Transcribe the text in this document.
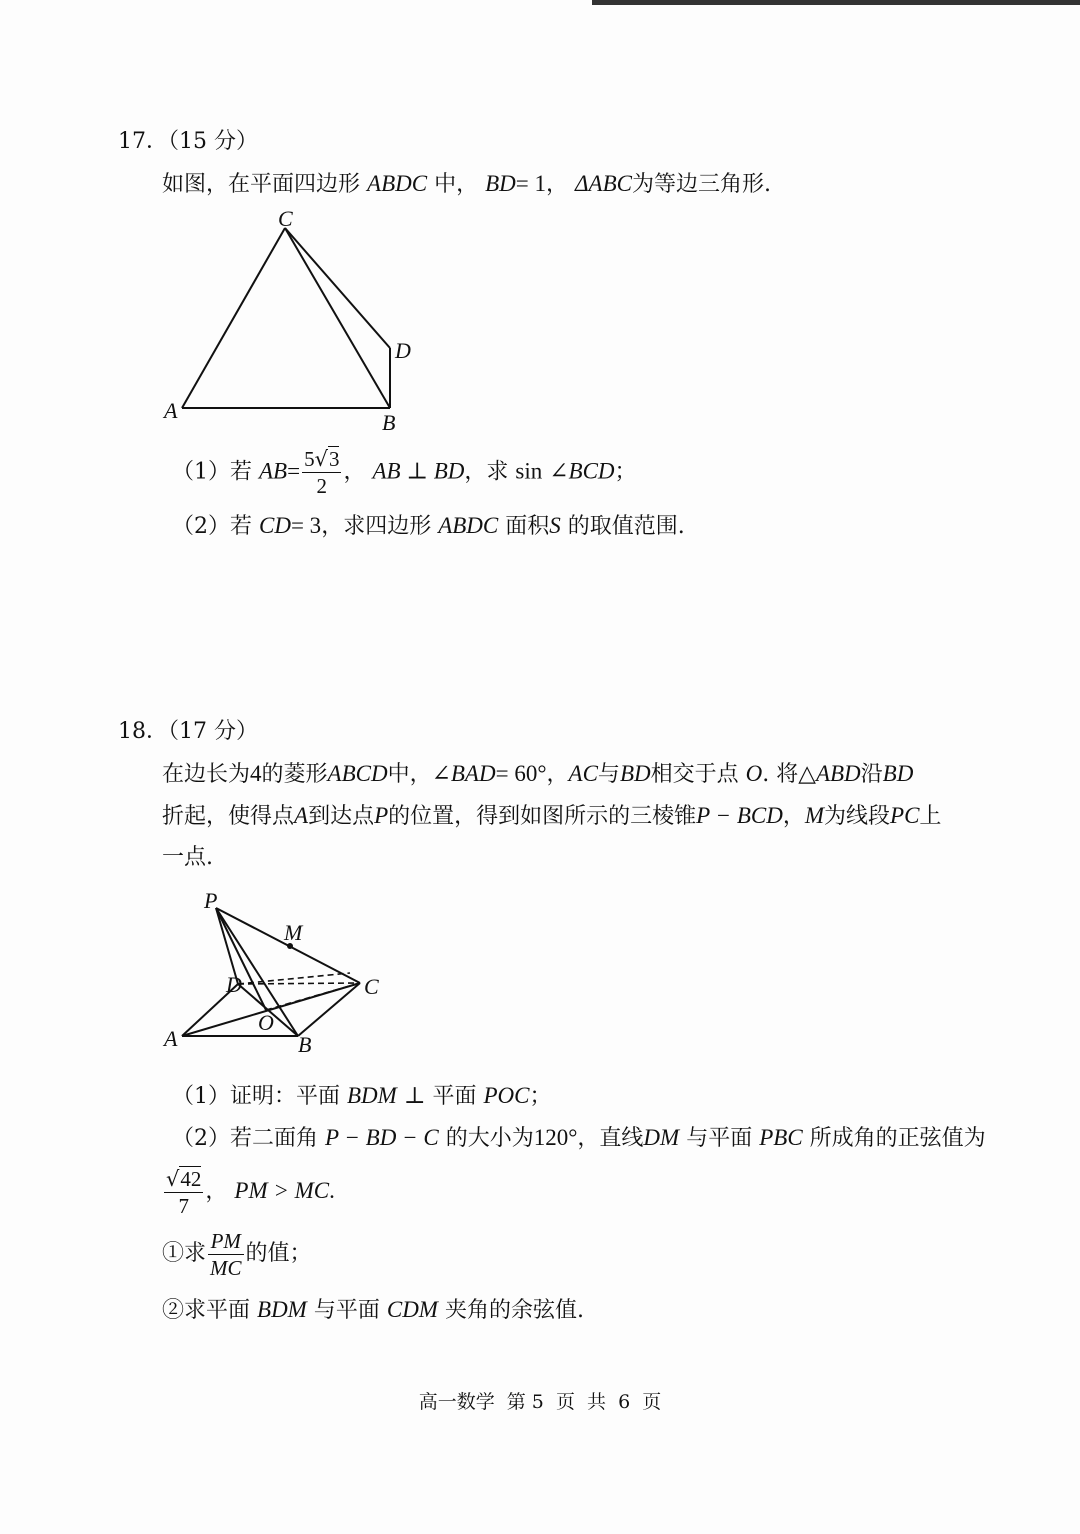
17．（15 分）
如图，在平面四边形 ABDC 中， BD= 1， ΔABC为等边三角形.
C
D
A	B
（1）若 $AB= \frac{5√3}{2}$ ， AB ⊥ BD，求 sin ∠BCD；
（2）若 CD= 3，求四边形 ABDC 面积S 的取值范围.
18．（17 分）
在边长为4的菱形ABCD中，∠BAD= 60°，AC与BD相交于点 O. 将△ABD沿BD
折起，使得点A到达点P的位置，得到如图所示的三棱锥P − BCD，M为线段PC上
一点.
P
M
D	C
O
A	B
（1）证明：平面 BDM ⊥ 平面 POC；
（2）若二面角 P − BD − C 的大小为120°，直线DM 与平面 PBC 所成角的正弦值为
$\frac{√42}{7}$ ， PM > MC.
①求 $\frac{PM}{MC}$ 的值；
②求平面 BDM 与平面 CDM 夹角的余弦值.
高一数学  第 5  页  共  6  页
